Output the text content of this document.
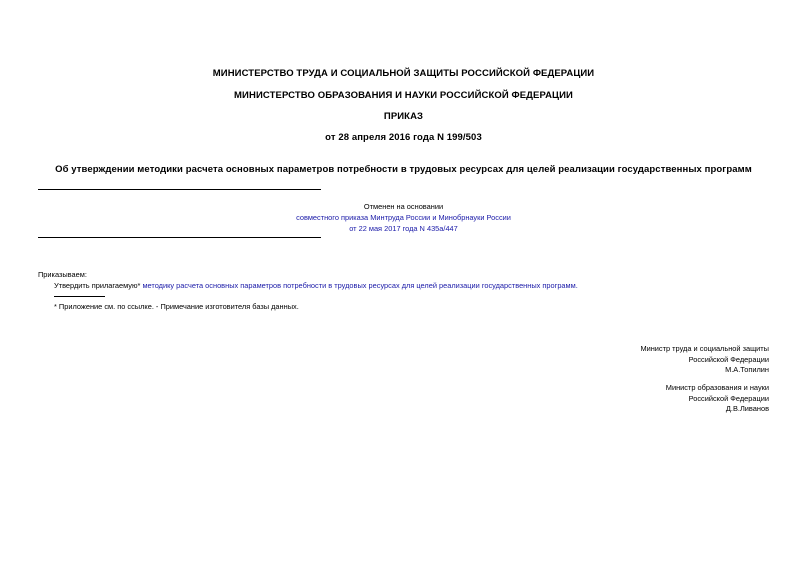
МИНИСТЕРСТВО ТРУДА И СОЦИАЛЬНОЙ ЗАЩИТЫ РОССИЙСКОЙ ФЕДЕРАЦИИ
МИНИСТЕРСТВО ОБРАЗОВАНИЯ И НАУКИ РОССИЙСКОЙ ФЕДЕРАЦИИ
ПРИКАЗ
от 28 апреля 2016 года N 199/503
Об утверждении методики расчета основных параметров потребности в трудовых ресурсах для целей реализации государственных программ
Отменен на основании
совместного приказа Минтруда России и Минобрнауки России
от 22 мая 2017 года N 435а/447
Приказываем:
Утвердить прилагаемую* методику расчета основных параметров потребности в трудовых ресурсах для целей реализации государственных программ.
* Приложение см. по ссылке. - Примечание изготовителя базы данных.
Министр труда и социальной защиты
Российской Федерации
М.А.Топилин
Министр образования и науки
Российской Федерации
Д.В.Ливанов
